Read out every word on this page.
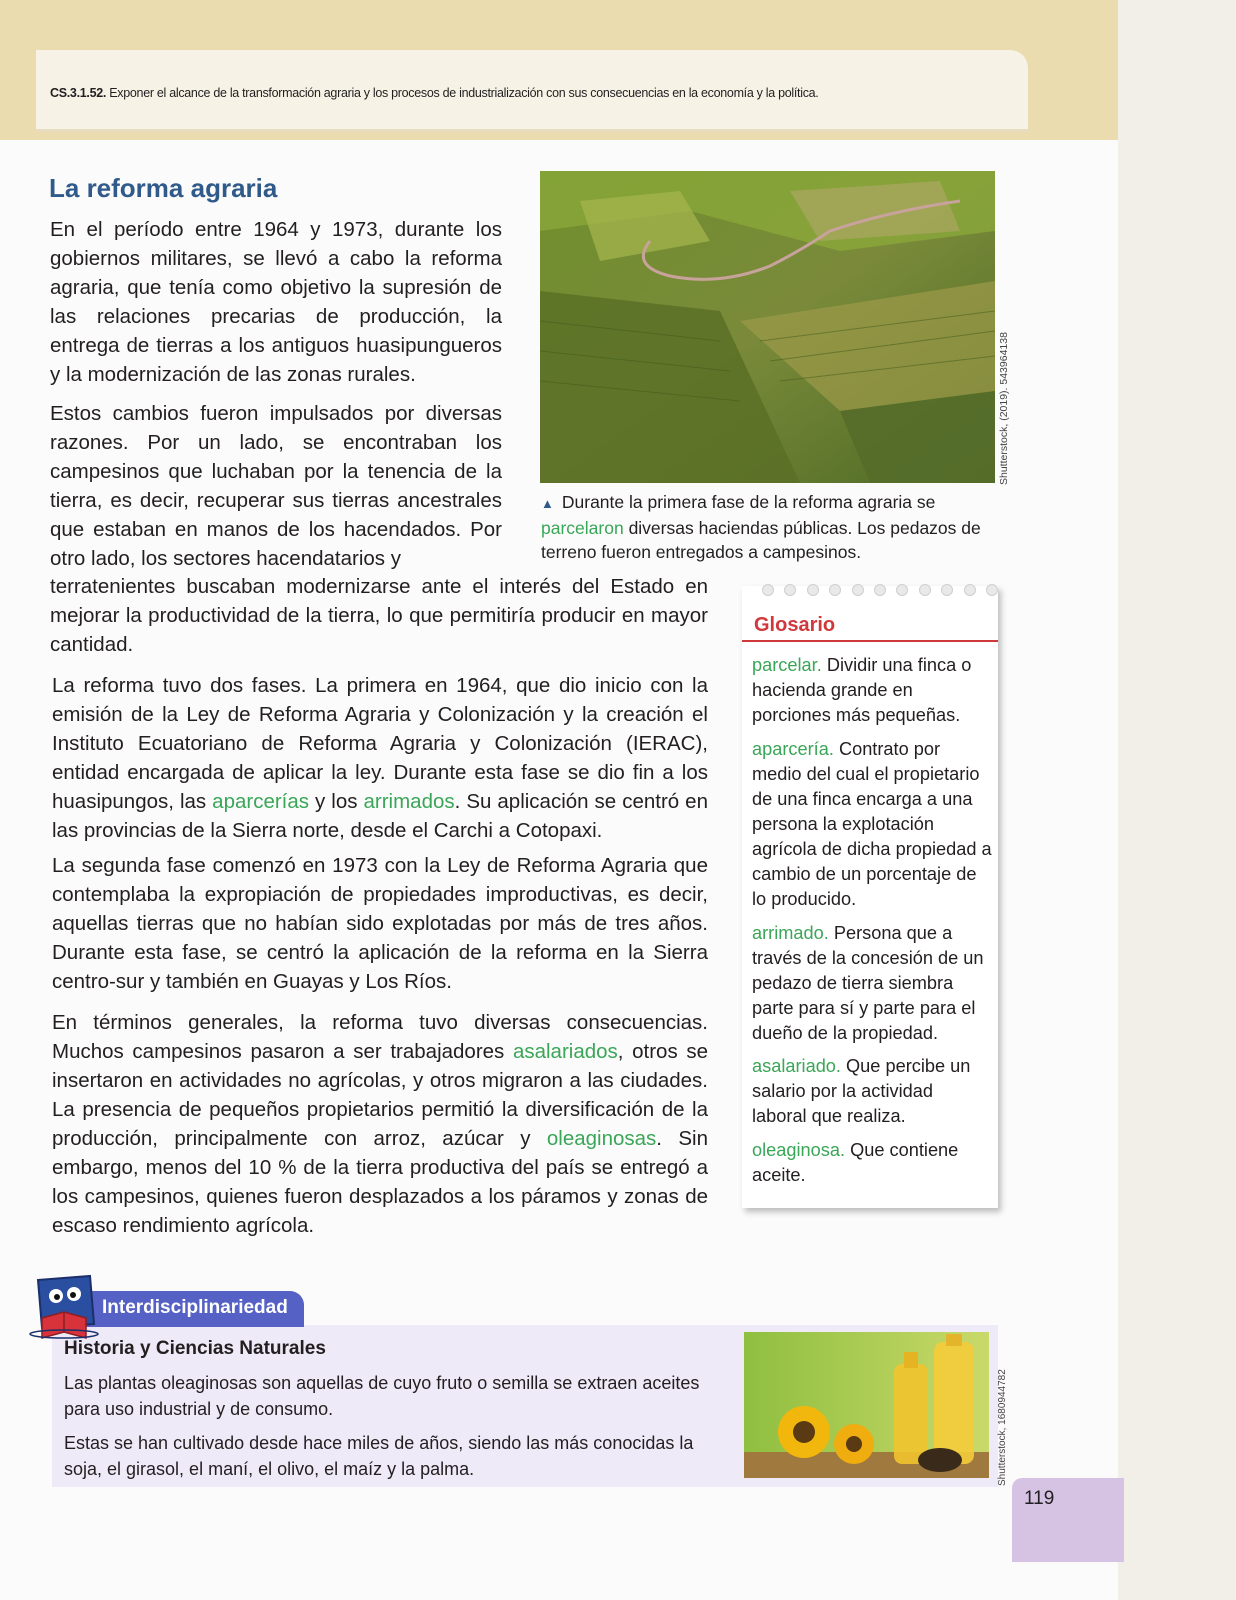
CS.3.1.52. Exponer el alcance de la transformación agraria y los procesos de industrialización con sus consecuencias en la economía y la política.
La reforma agraria

En el período entre 1964 y 1973, durante los gobiernos militares, se llevó a cabo la reforma agraria, que tenía como objetivo la supresión de las relaciones precarias de producción, la entrega de tierras a los antiguos huasipungueros y la modernización de las zonas rurales.

Estos cambios fueron impulsados por diversas razones. Por un lado, se encontraban los campesinos que luchaban por la tenencia de la tierra, es decir, recuperar sus tierras ancestrales que estaban en manos de los hacendados. Por otro lado, los sectores hacendatarios y

terratenientes buscaban modernizarse ante el interés del Estado en mejorar la productividad de la tierra, lo que permitiría producir en mayor cantidad.

La reforma tuvo dos fases. La primera en 1964, que dio inicio con la emisión de la Ley de Reforma Agraria y Colonización y la creación el Instituto Ecuatoriano de Reforma Agraria y Colonización (IERAC), entidad encargada de aplicar la ley. Durante esta fase se dio fin a los huasipungos, las aparcerías y los arrimados. Su aplicación se centró en las provincias de la Sierra norte, desde el Carchi a Cotopaxi.

La segunda fase comenzó en 1973 con la Ley de Reforma Agraria que contemplaba la expropiación de propiedades improductivas, es decir, aquellas tierras que no habían sido explotadas por más de tres años. Durante esta fase, se centró la aplicación de la reforma en la Sierra centro-sur y también en Guayas y Los Ríos.

En términos generales, la reforma tuvo diversas consecuencias. Muchos campesinos pasaron a ser trabajadores asalariados, otros se insertaron en actividades no agrícolas, y otros migraron a las ciudades. La presencia de pequeños propietarios permitió la diversificación de la producción, principalmente con arroz, azúcar y oleaginosas. Sin embargo, menos del 10 % de la tierra productiva del país se entregó a los campesinos, quienes fueron desplazados a los páramos y zonas de escaso rendimiento agrícola.

Shutterstock, (2019). 543964138
▲ Durante la primera fase de la reforma agraria se parcelaron diversas haciendas públicas. Los pedazos de terreno fueron entregados a campesinos.
Glosario

parcelar. Dividir una finca o hacienda grande en porciones más pequeñas.

aparcería. Contrato por medio del cual el propietario de una finca encarga a una persona la explotación agrícola de dicha propiedad a cambio de un porcentaje de lo producido.

arrimado. Persona que a través de la concesión de un pedazo de tierra siembra parte para sí y parte para el dueño de la propiedad.

asalariado. Que percibe un salario por la actividad laboral que realiza.

oleaginosa. Que contiene aceite.

Interdisciplinariedad
Historia y Ciencias Naturales

Las plantas oleaginosas son aquellas de cuyo fruto o semilla se extraen aceites para uso industrial y de consumo.

Estas se han cultivado desde hace miles de años, siendo las más conocidas la soja, el girasol, el maní, el olivo, el maíz y la palma.	Shutterstock, 1680944782
119
